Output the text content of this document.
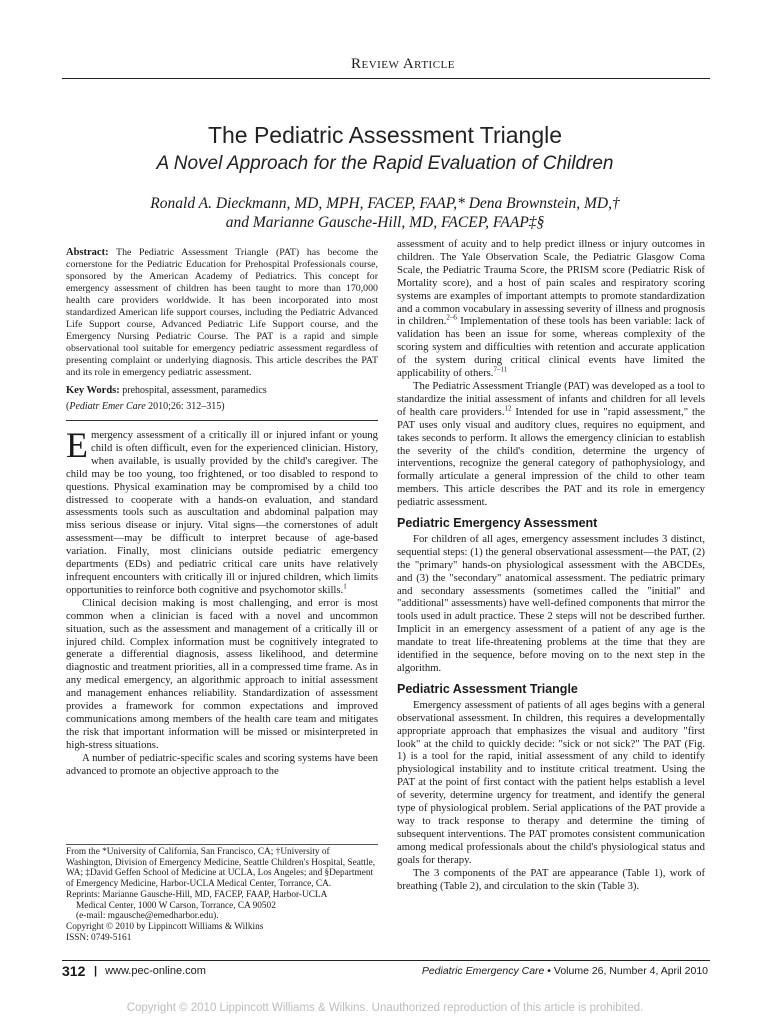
Review Article
The Pediatric Assessment Triangle
A Novel Approach for the Rapid Evaluation of Children
Ronald A. Dieckmann, MD, MPH, FACEP, FAAP,* Dena Brownstein, MD,†
and Marianne Gausche-Hill, MD, FACEP, FAAP‡§
Abstract: The Pediatric Assessment Triangle (PAT) has become the cornerstone for the Pediatric Education for Prehospital Professionals course, sponsored by the American Academy of Pediatrics. This concept for emergency assessment of children has been taught to more than 170,000 health care providers worldwide. It has been incorporated into most standardized American life support courses, including the Pediatric Advanced Life Support course, Advanced Pediatric Life Support course, and the Emergency Nursing Pediatric Course. The PAT is a rapid and simple observational tool suitable for emergency pediatric assessment regardless of presenting complaint or underlying diagnosis. This article describes the PAT and its role in emergency pediatric assessment.
Key Words: prehospital, assessment, paramedics
(Pediatr Emer Care 2010;26: 312–315)

Emergency assessment of a critically ill or injured infant or young child is often difficult, even for the experienced clinician. History, when available, is usually provided by the child's caregiver. The child may be too young, too frightened, or too disabled to respond to questions. Physical examination may be compromised by a child too distressed to cooperate with a hands-on evaluation, and standard assessments tools such as auscultation and abdominal palpation may miss serious disease or injury. Vital signs—the cornerstones of adult assessment—may be difficult to interpret because of age-based variation. Finally, most clinicians outside pediatric emergency departments (EDs) and pediatric critical care units have relatively infrequent encounters with critically ill or injured children, which limits opportunities to reinforce both cognitive and psychomotor skills.$^1$

Clinical decision making is most challenging, and error is most common when a clinician is faced with a novel and uncommon situation, such as the assessment and management of a critically ill or injured child. Complex information must be cognitively integrated to generate a differential diagnosis, assess likelihood, and determine diagnostic and treatment priorities, all in a compressed time frame. As in any medical emergency, an algorithmic approach to initial assessment and management enhances reliability. Standardization of assessment provides a framework for common expectations and improved communications among members of the health care team and mitigates the risk that important information will be missed or misinterpreted in high-stress situations.

A number of pediatric-specific scales and scoring systems have been advanced to promote an objective approach to the

assessment of acuity and to help predict illness or injury outcomes in children. The Yale Observation Scale, the Pediatric Glasgow Coma Scale, the Pediatric Trauma Score, the PRISM score (Pediatric Risk of Mortality score), and a host of pain scales and respiratory scoring systems are examples of important attempts to promote standardization and a common vocabulary in assessing severity of illness and prognosis in children.$^{2-6}$ Implementation of these tools has been variable: lack of validation has been an issue for some, whereas complexity of the scoring system and difficulties with retention and accurate application of the system during critical clinical events have limited the applicability of others.$^{7-11}$

The Pediatric Assessment Triangle (PAT) was developed as a tool to standardize the initial assessment of infants and children for all levels of health care providers.$^{12}$ Intended for use in "rapid assessment," the PAT uses only visual and auditory clues, requires no equipment, and takes seconds to perform. It allows the emergency clinician to establish the severity of the child's condition, determine the urgency of interventions, recognize the general category of pathophysiology, and formally articulate a general impression of the child to other team members. This article describes the PAT and its role in emergency pediatric assessment.

Pediatric Emergency Assessment

For children of all ages, emergency assessment includes 3 distinct, sequential steps: (1) the general observational assessment—the PAT, (2) the "primary" hands-on physiological assessment with the ABCDEs, and (3) the "secondary" anatomical assessment. The pediatric primary and secondary assessments (sometimes called the "initial" and "additional" assessments) have well-defined components that mirror the tools used in adult practice. These 2 steps will not be described further. Implicit in an emergency assessment of a patient of any age is the mandate to treat life-threatening problems at the time that they are identified in the sequence, before moving on to the next step in the algorithm.

Pediatric Assessment Triangle

Emergency assessment of patients of all ages begins with a general observational assessment. In children, this requires a developmentally appropriate approach that emphasizes the visual and auditory "first look" at the child to quickly decide: "sick or not sick?" The PAT (Fig. 1) is a tool for the rapid, initial assessment of any child to identify physiological instability and to institute critical treatment. Using the PAT at the point of first contact with the patient helps establish a level of severity, determine urgency for treatment, and identify the general type of physiological problem. Serial applications of the PAT provide a way to track response to therapy and determine the timing of subsequent interventions. The PAT promotes consistent communication among medical professionals about the child's physiological status and goals for therapy.

The 3 components of the PAT are appearance (Table 1), work of breathing (Table 2), and circulation to the skin (Table 3).

From the *University of California, San Francisco, CA; †University of Washington, Division of Emergency Medicine, Seattle Children's Hospital, Seattle, WA; ‡David Geffen School of Medicine at UCLA, Los Angeles; and §Department of Emergency Medicine, Harbor-UCLA Medical Center, Torrance, CA.
Reprints: Marianne Gausche-Hill, MD, FACEP, FAAP, Harbor-UCLA
Medical Center, 1000 W Carson, Torrance, CA 90502
(e-mail: mgausche@emedharbor.edu).
Copyright © 2010 by Lippincott Williams & Wilkins
ISSN: 0749-5161
312 | www.pec-online.com	Pediatric Emergency Care • Volume 26, Number 4, April 2010
Copyright © 2010 Lippincott Williams & Wilkins. Unauthorized reproduction of this article is prohibited.
